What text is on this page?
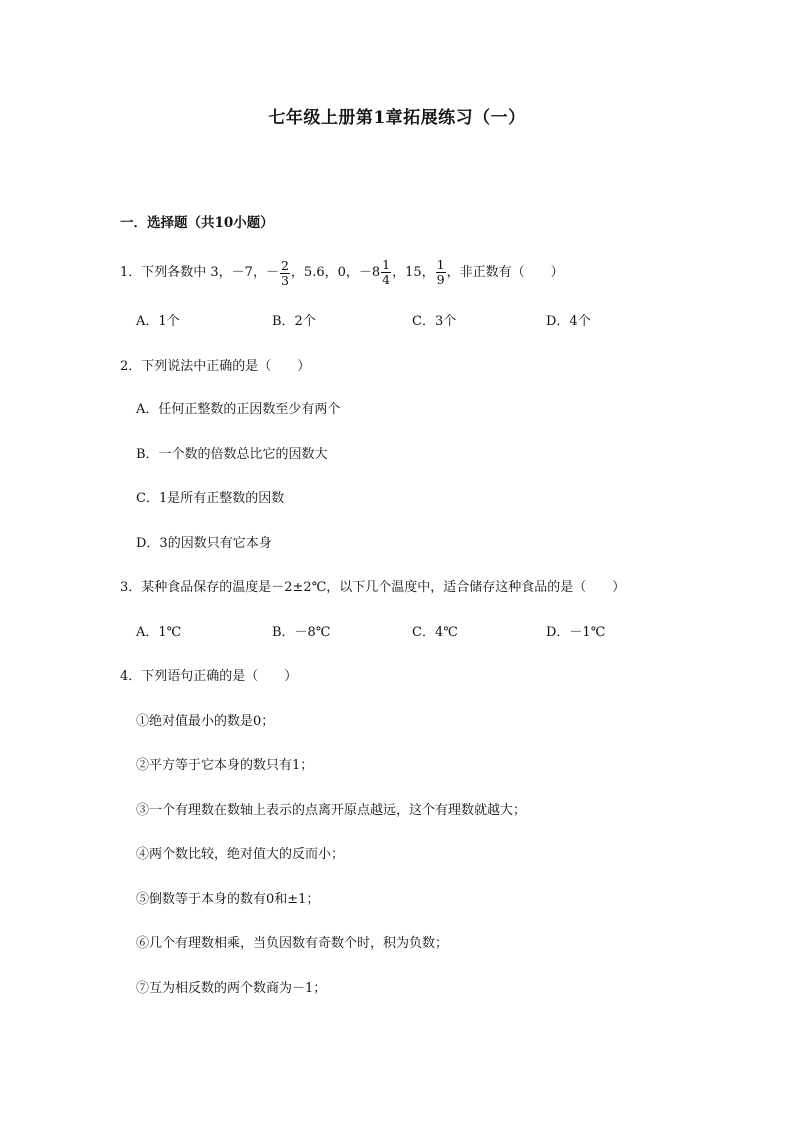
七年级上册第1章拓展练习（一）
一．选择题（共10小题）
1．下列各数中 3，－7， － $\frac{2}{3}$ ，5.6，0，$-8 \frac{1}{4}$ ，15， $\frac{1}{9}$ ，非正数有（　　）
A．1个	B．2个	C．3个	D．4个
2．下列说法中正确的是（　　）
A．任何正整数的正因数至少有两个
B．一个数的倍数总比它的因数大
C．1是所有正整数的因数
D．3的因数只有它本身
3．某种食品保存的温度是－2±2℃，以下几个温度中，适合储存这种食品的是（　　）
A．1℃	B．－8℃	C．4℃	D．－1℃
4．下列语句正确的是（　　）
①绝对值最小的数是0；
②平方等于它本身的数只有1；
③一个有理数在数轴上表示的点离开原点越远，这个有理数就越大；
④两个数比较，绝对值大的反而小；
⑤倒数等于本身的数有0和±1；
⑥几个有理数相乘，当负因数有奇数个时，积为负数；
⑦互为相反数的两个数商为－1；
